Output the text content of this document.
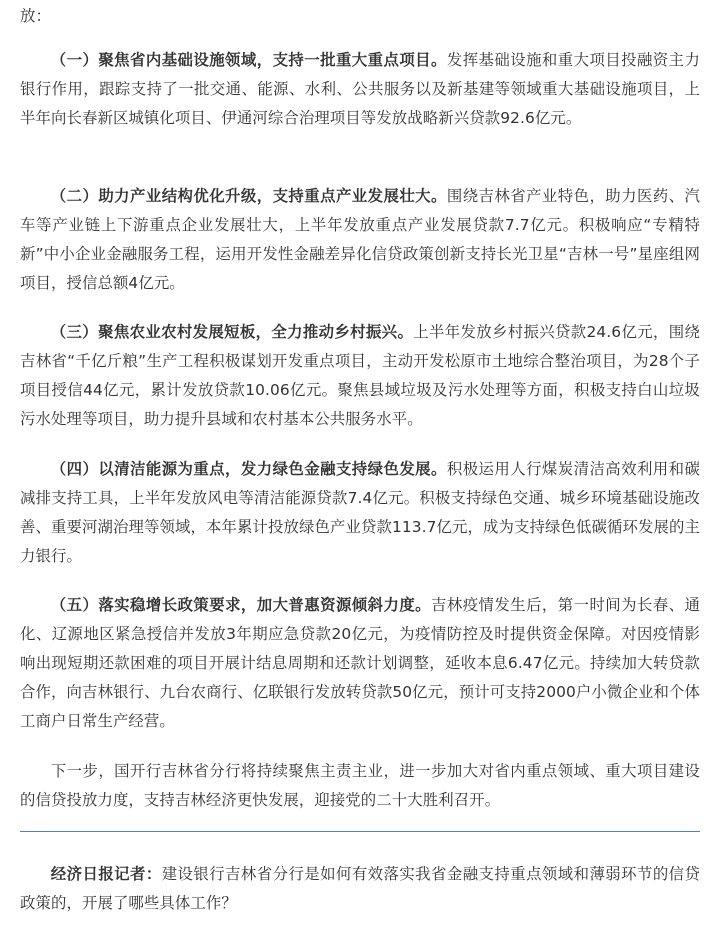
放：

（一）聚焦省内基础设施领域，支持一批重大重点项目。发挥基础设施和重大项目投融资主力银行作用，跟踪支持了一批交通、能源、水利、公共服务以及新基建等领域重大基础设施项目，上半年向长春新区城镇化项目、伊通河综合治理项目等发放战略新兴贷款92.6亿元。

（二）助力产业结构优化升级，支持重点产业发展壮大。围绕吉林省产业特色，助力医药、汽车等产业链上下游重点企业发展壮大，上半年发放重点产业发展贷款7.7亿元。积极响应“专精特新”中小企业金融服务工程，运用开发性金融差异化信贷政策创新支持长光卫星“吉林一号”星座组网项目，授信总额4亿元。

（三）聚焦农业农村发展短板，全力推动乡村振兴。上半年发放乡村振兴贷款24.6亿元，围绕吉林省“千亿斤粮”生产工程积极谋划开发重点项目，主动开发松原市土地综合整治项目，为28个子项目授信44亿元，累计发放贷款10.06亿元。聚焦县域垃圾及污水处理等方面，积极支持白山垃圾污水处理等项目，助力提升县域和农村基本公共服务水平。

（四）以清洁能源为重点，发力绿色金融支持绿色发展。积极运用人行煤炭清洁高效利用和碳减排支持工具，上半年发放风电等清洁能源贷款7.4亿元。积极支持绿色交通、城乡环境基础设施改善、重要河湖治理等领域，本年累计投放绿色产业贷款113.7亿元，成为支持绿色低碳循环发展的主力银行。

（五）落实稳增长政策要求，加大普惠资源倾斜力度。吉林疫情发生后，第一时间为长春、通化、辽源地区紧急授信并发放3年期应急贷款20亿元，为疫情防控及时提供资金保障。对因疫情影响出现短期还款困难的项目开展计结息周期和还款计划调整，延收本息6.47亿元。持续加大转贷款合作，向吉林银行、九台农商行、亿联银行发放转贷款50亿元，预计可支持2000户小微企业和个体工商户日常生产经营。

下一步，国开行吉林省分行将持续聚焦主责主业，进一步加大对省内重点领域、重大项目建设的信贷投放力度，支持吉林经济更快发展，迎接党的二十大胜利召开。

经济日报记者：建设银行吉林省分行是如何有效落实我省金融支持重点领域和薄弱环节的信贷政策的，开展了哪些具体工作？
